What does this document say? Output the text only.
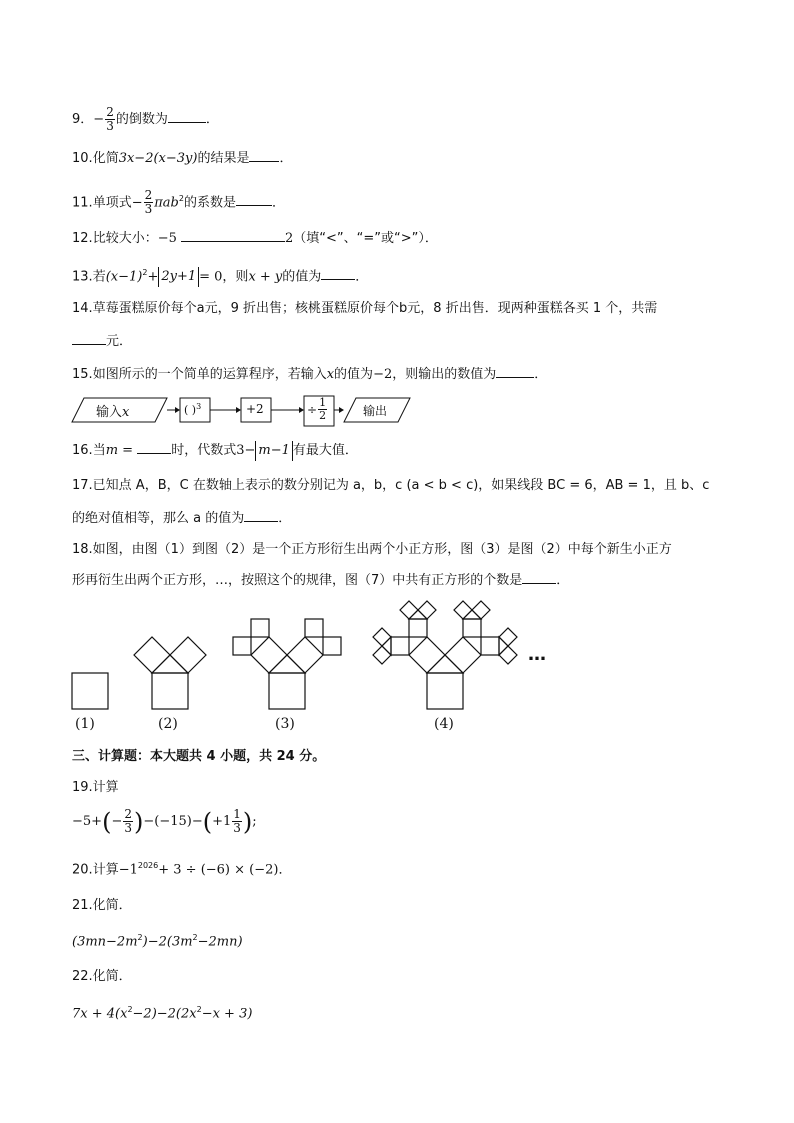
9．− $\frac{2}{3}$ 的倒数为	．
10.化简3x−2(x−3y)的结果是 ．
11.单项式− $\frac{2}{3} \pi ab^2$的系数是	．
12.比较大小：−5	2（填“<”、“=”或“>”）．
13.若$(x-1)^2+ 2y+1 = 0$，则x + y的值为	．
14.草莓蛋糕原价每个a元，9 折出售；核桃蛋糕原价每个b元，8 折出售．现两种蛋糕各买 1 个，共需
元．
15.如图所示的一个简单的运算程序，若输入x的值为−2，则输出的数值为	．
输入x	( )$^3$	+2	÷ $\frac{1}{2}$	输出
16.当m =	时，代数式3− m−1 有最大值．
17.已知点 A，B，C 在数轴上表示的数分别记为 a，b，c (a < b < c)，如果线段 BC = 6，AB = 1，且 b、c
的绝对值相等，那么 a 的值为	．
18.如图，由图（1）到图（2）是一个正方形衍生出两个小正方形，图（3）是图（2）中每个新生小正方
形再衍生出两个正方形，…，按照这个的规律，图（7）中共有正方形的个数是	．
…
(1)	(2)	(3)	(4)
三、计算题：本大题共 4 小题，共 24 分。
19.计算
−5+ ( − $\frac{2}{3}$ ) −(−15)− ( $+1 \frac{1}{3}$ ) ;
20.计算$-1^{2026}+ 3 \div (-6) \times (-2)$．
21.化简．
$(3mn-2m^2)-2(3m^2-2mn)$
22.化简．
$7x + 4(x^2-2)-2(2x^2-x + 3)$
